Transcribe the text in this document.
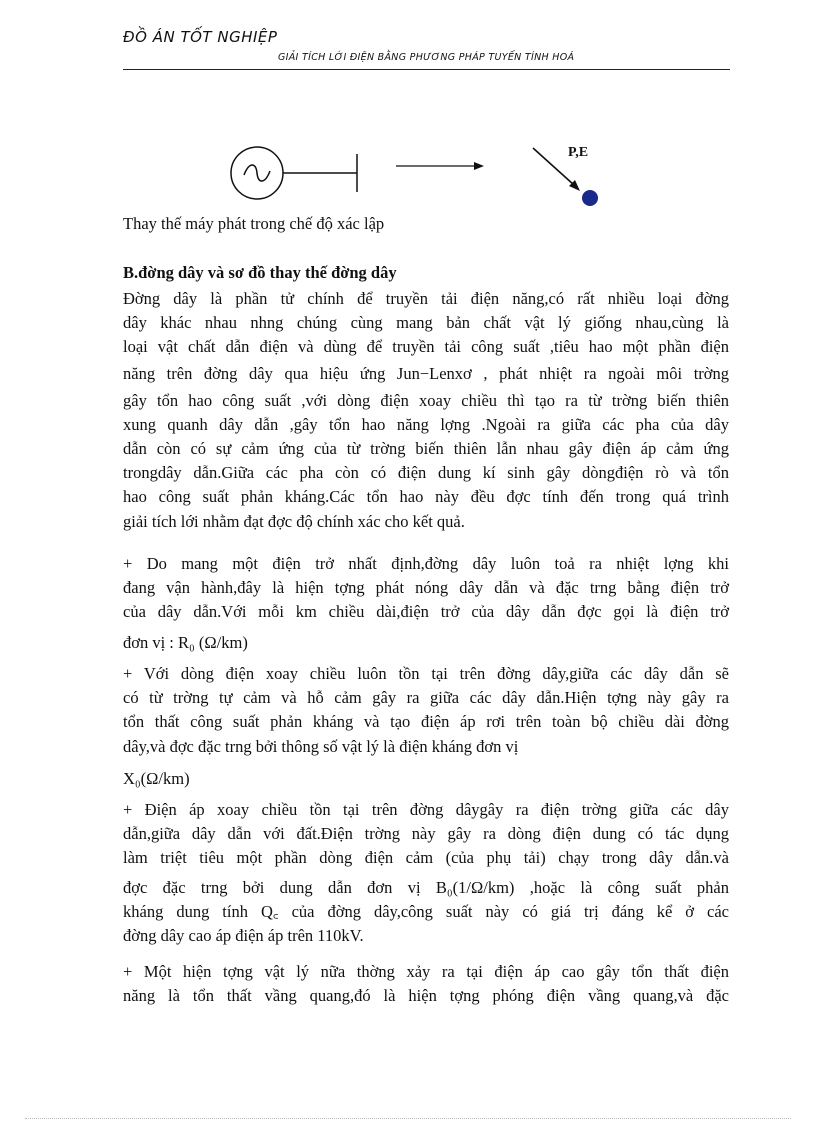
ĐỒ ÁN TỐT NGHIỆP
GIẢI TÍCH LỚI ĐIỆN BẰNG PHƯƠNG PHÁP TUYẾN TÍNH HOÁ
P,E
Thay thế máy phát trong chế độ xác lập
B.đờng dây và sơ đồ thay thế đờng dây
Đờng dây là phần tử chính để truyền tải điện năng,có rất nhiều loại đờng
dây khác nhau nhng chúng cùng mang bản chất vật lý giống nhau,cùng là
loại vật chất dẫn điện và dùng để truyền tải công suất ,tiêu hao một phần điện
năng trên đờng dây qua hiệu ứng Jun−Lenxơ , phát nhiệt ra ngoài môi trờng
gây tổn hao công suất ,với dòng điện xoay chiều thì tạo ra từ trờng biến thiên
xung quanh dây dẫn ,gây tổn hao năng lợng .Ngoài ra giữa các pha của dây
dẫn còn có sự cảm ứng của từ trờng biến thiên lẫn nhau gây điện áp cảm ứng
trongdây dẫn.Giữa các pha còn có điện dung kí sinh gây dòngđiện rò và tổn
hao công suất phản kháng.Các tổn hao này đều đợc tính đến trong quá trình
giải tích lới nhằm đạt đợc độ chính xác cho kết quả.
+ Do mang một điện trở nhất định,đờng dây luôn toả ra nhiệt lợng khi
đang vận hành,đây là hiện tợng phát nóng dây dẫn và đặc trng bằng điện trở
của dây dẫn.Với mỗi km chiều dài,điện trở của dây dẫn đợc gọi là điện trở
đơn vị : R₀ (Ω/km)
+ Với dòng điện xoay chiều luôn tồn tại trên đờng dây,giữa các dây dẫn sẽ
có từ trờng tự cảm và hỗ cảm gây ra giữa các dây dẫn.Hiện tợng này gây ra
tổn thất công suất phản kháng và tạo điện áp rơi trên toàn bộ chiều dài đờng
dây,và đợc đặc trng bởi thông số vật lý là điện kháng đơn vị
X₀(Ω/km)
+ Điện áp xoay chiều tồn tại trên đờng dâygây ra điện trờng giữa các dây
dẫn,giữa dây dẫn với đất.Điện trờng này gây ra dòng điện dung có tác dụng
làm triệt tiêu một phần dòng điện cảm (của phụ tải) chạy trong dây dẫn.và
đợc đặc trng bởi dung dẫn đơn vị B₀(1/Ω/km) ,hoặc là công suất phản
kháng dung tính Q꜀ của đờng dây,công suất này có giá trị đáng kể ở các
đờng dây cao áp điện áp trên 110kV.
+ Một hiện tợng vật lý nữa thờng xảy ra tại điện áp cao gây tổn thất điện
năng là tổn thất vầng quang,đó là hiện tợng phóng điện vầng quang,và đặc
